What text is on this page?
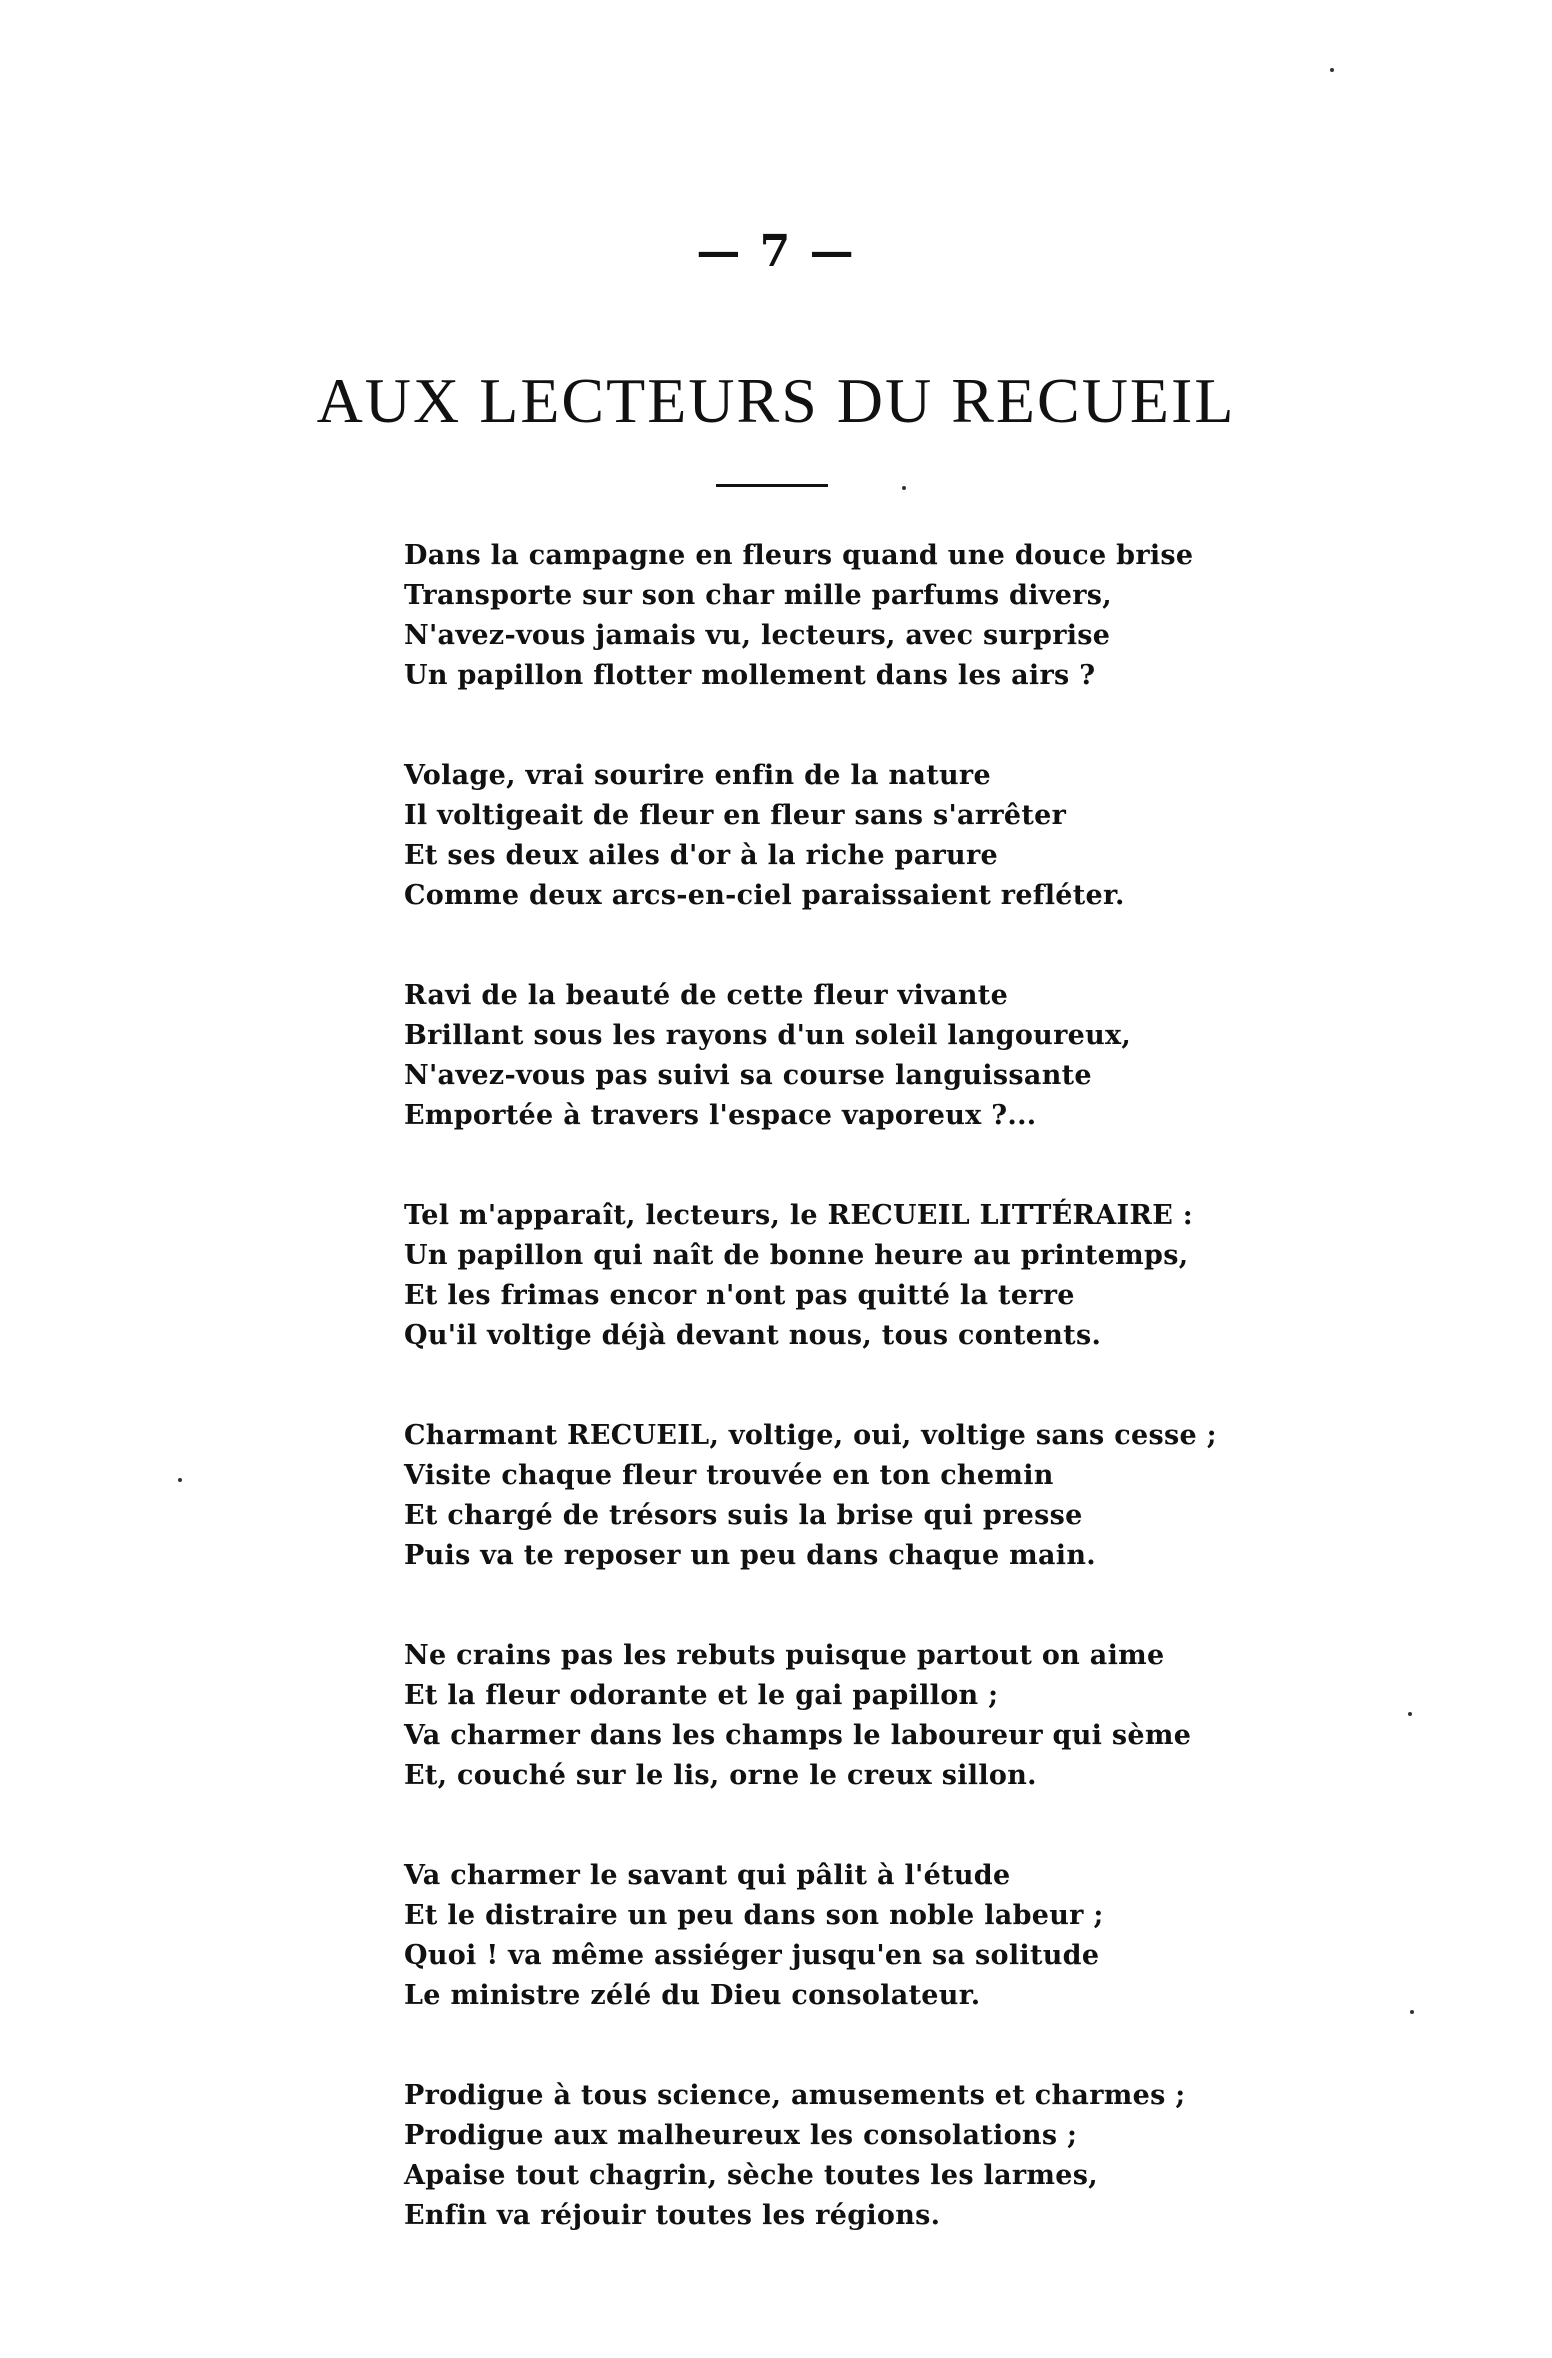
— 7 —
AUX LECTEURS DU RECUEIL
Dans la campagne en fleurs quand une douce brise
Transporte sur son char mille parfums divers,
N'avez-vous jamais vu, lecteurs, avec surprise
Un papillon flotter mollement dans les airs ?
Volage, vrai sourire enfin de la nature
Il voltigeait de fleur en fleur sans s'arrêter
Et ses deux ailes d'or à la riche parure
Comme deux arcs-en-ciel paraissaient refléter.
Ravi de la beauté de cette fleur vivante
Brillant sous les rayons d'un soleil langoureux,
N'avez-vous pas suivi sa course languissante
Emportée à travers l'espace vaporeux ?...
Tel m'apparaît, lecteurs, le RECUEIL LITTÉRAIRE :
Un papillon qui naît de bonne heure au printemps,
Et les frimas encor n'ont pas quitté la terre
Qu'il voltige déjà devant nous, tous contents.
Charmant RECUEIL, voltige, oui, voltige sans cesse ;
Visite chaque fleur trouvée en ton chemin
Et chargé de trésors suis la brise qui presse
Puis va te reposer un peu dans chaque main.
Ne crains pas les rebuts puisque partout on aime
Et la fleur odorante et le gai papillon ;
Va charmer dans les champs le laboureur qui sème
Et, couché sur le lis, orne le creux sillon.
Va charmer le savant qui pâlit à l'étude
Et le distraire un peu dans son noble labeur ;
Quoi ! va même assiéger jusqu'en sa solitude
Le ministre zélé du Dieu consolateur.
Prodigue à tous science, amusements et charmes ;
Prodigue aux malheureux les consolations ;
Apaise tout chagrin, sèche toutes les larmes,
Enfin va réjouir toutes les régions.
